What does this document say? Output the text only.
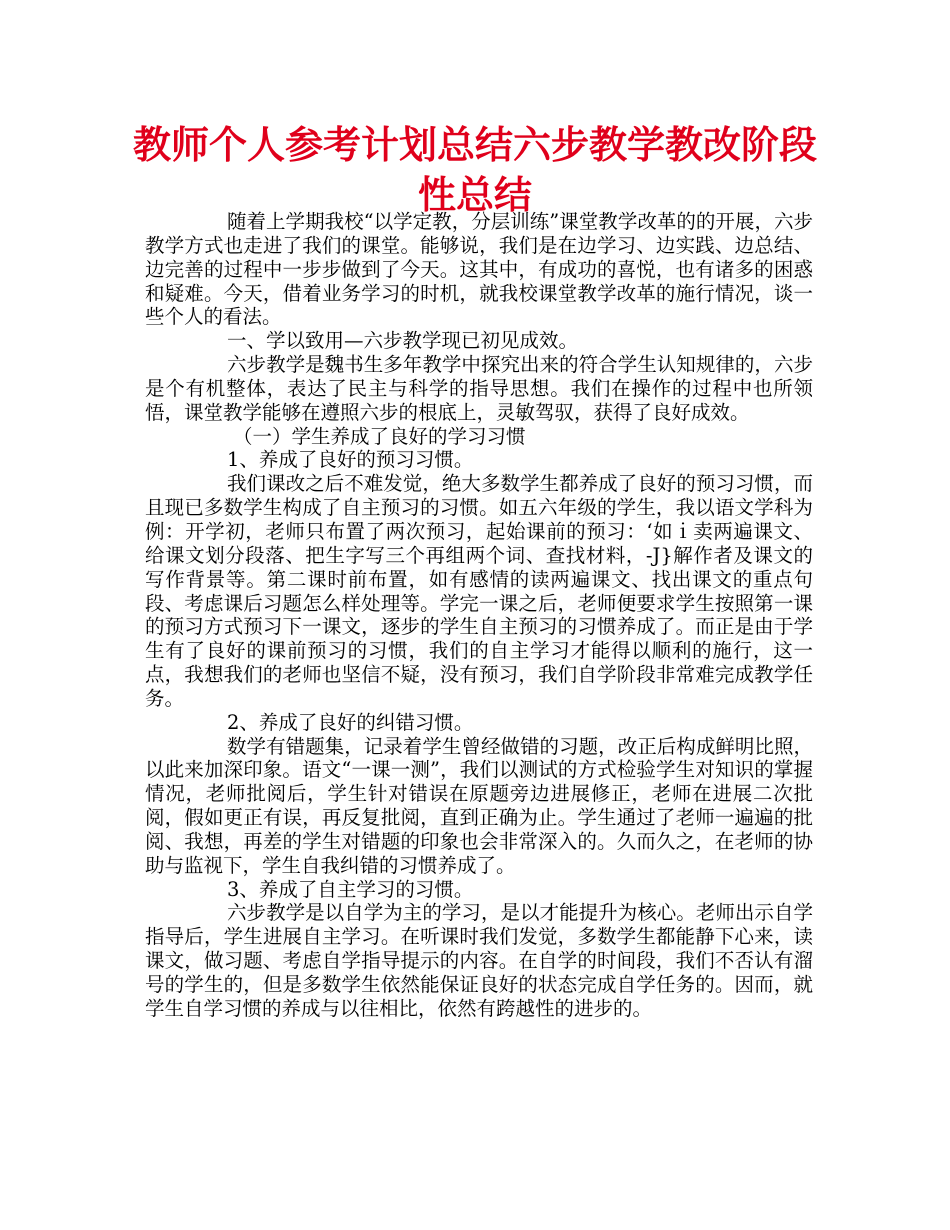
教师个人参考计划总结六步教学教改阶段性总结

随着上学期我校“以学定教，分层训练”课堂教学改革的的开展，六步教学方式也走进了我们的课堂。能够说，我们是在边学习、边实践、边总结、边完善的过程中一步步做到了今天。这其中，有成功的喜悦，也有诸多的困惑和疑难。今天，借着业务学习的时机，就我校课堂教学改革的施行情况，谈一些个人的看法。

一、学以致用—六步教学现已初见成效。

六步教学是魏书生多年教学中探究出来的符合学生认知规律的，六步是个有机整体，表达了民主与科学的指导思想。我们在操作的过程中也所领悟，课堂教学能够在遵照六步的根底上，灵敏驾驭，获得了良好成效。

（一）学生养成了良好的学习习惯

1、养成了良好的预习习惯。

我们课改之后不难发觉，绝大多数学生都养成了良好的预习习惯，而且现已多数学生构成了自主预习的习惯。如五六年级的学生，我以语文学科为例：开学初，老师只布置了两次预习，起始课前的预习：‘如ｉ卖两遍课文、给课文划分段落、把生字写三个再组两个词、查找材料，-J}解作者及课文的写作背景等。第二课时前布置，如有感情的读两遍课文、找出课文的重点句段、考虑课后习题怎么样处理等。学完一课之后，老师便要求学生按照第一课的预习方式预习下一课文，逐步的学生自主预习的习惯养成了。而正是由于学生有了良好的课前预习的习惯，我们的自主学习才能得以顺利的施行，这一点，我想我们的老师也坚信不疑，没有预习，我们自学阶段非常难完成教学任务。

2、养成了良好的纠错习惯。

数学有错题集，记录着学生曾经做错的习题，改正后构成鲜明比照，以此来加深印象。语文“一课一测”，我们以测试的方式检验学生对知识的掌握情况，老师批阅后，学生针对错误在原题旁边进展修正，老师在进展二次批阅，假如更正有误，再反复批阅，直到正确为止。学生通过了老师一遍遍的批阅、我想，再差的学生对错题的印象也会非常深入的。久而久之，在老师的协助与监视下，学生自我纠错的习惯养成了。

3、养成了自主学习的习惯。

六步教学是以自学为主的学习，是以才能提升为核心。老师出示自学指导后，学生进展自主学习。在听课时我们发觉，多数学生都能静下心来，读课文，做习题、考虑自学指导提示的内容。在自学的时间段，我们不否认有溜号的学生的，但是多数学生依然能保证良好的状态完成自学任务的。因而，就学生自学习惯的养成与以往相比，依然有跨越性的进步的。
